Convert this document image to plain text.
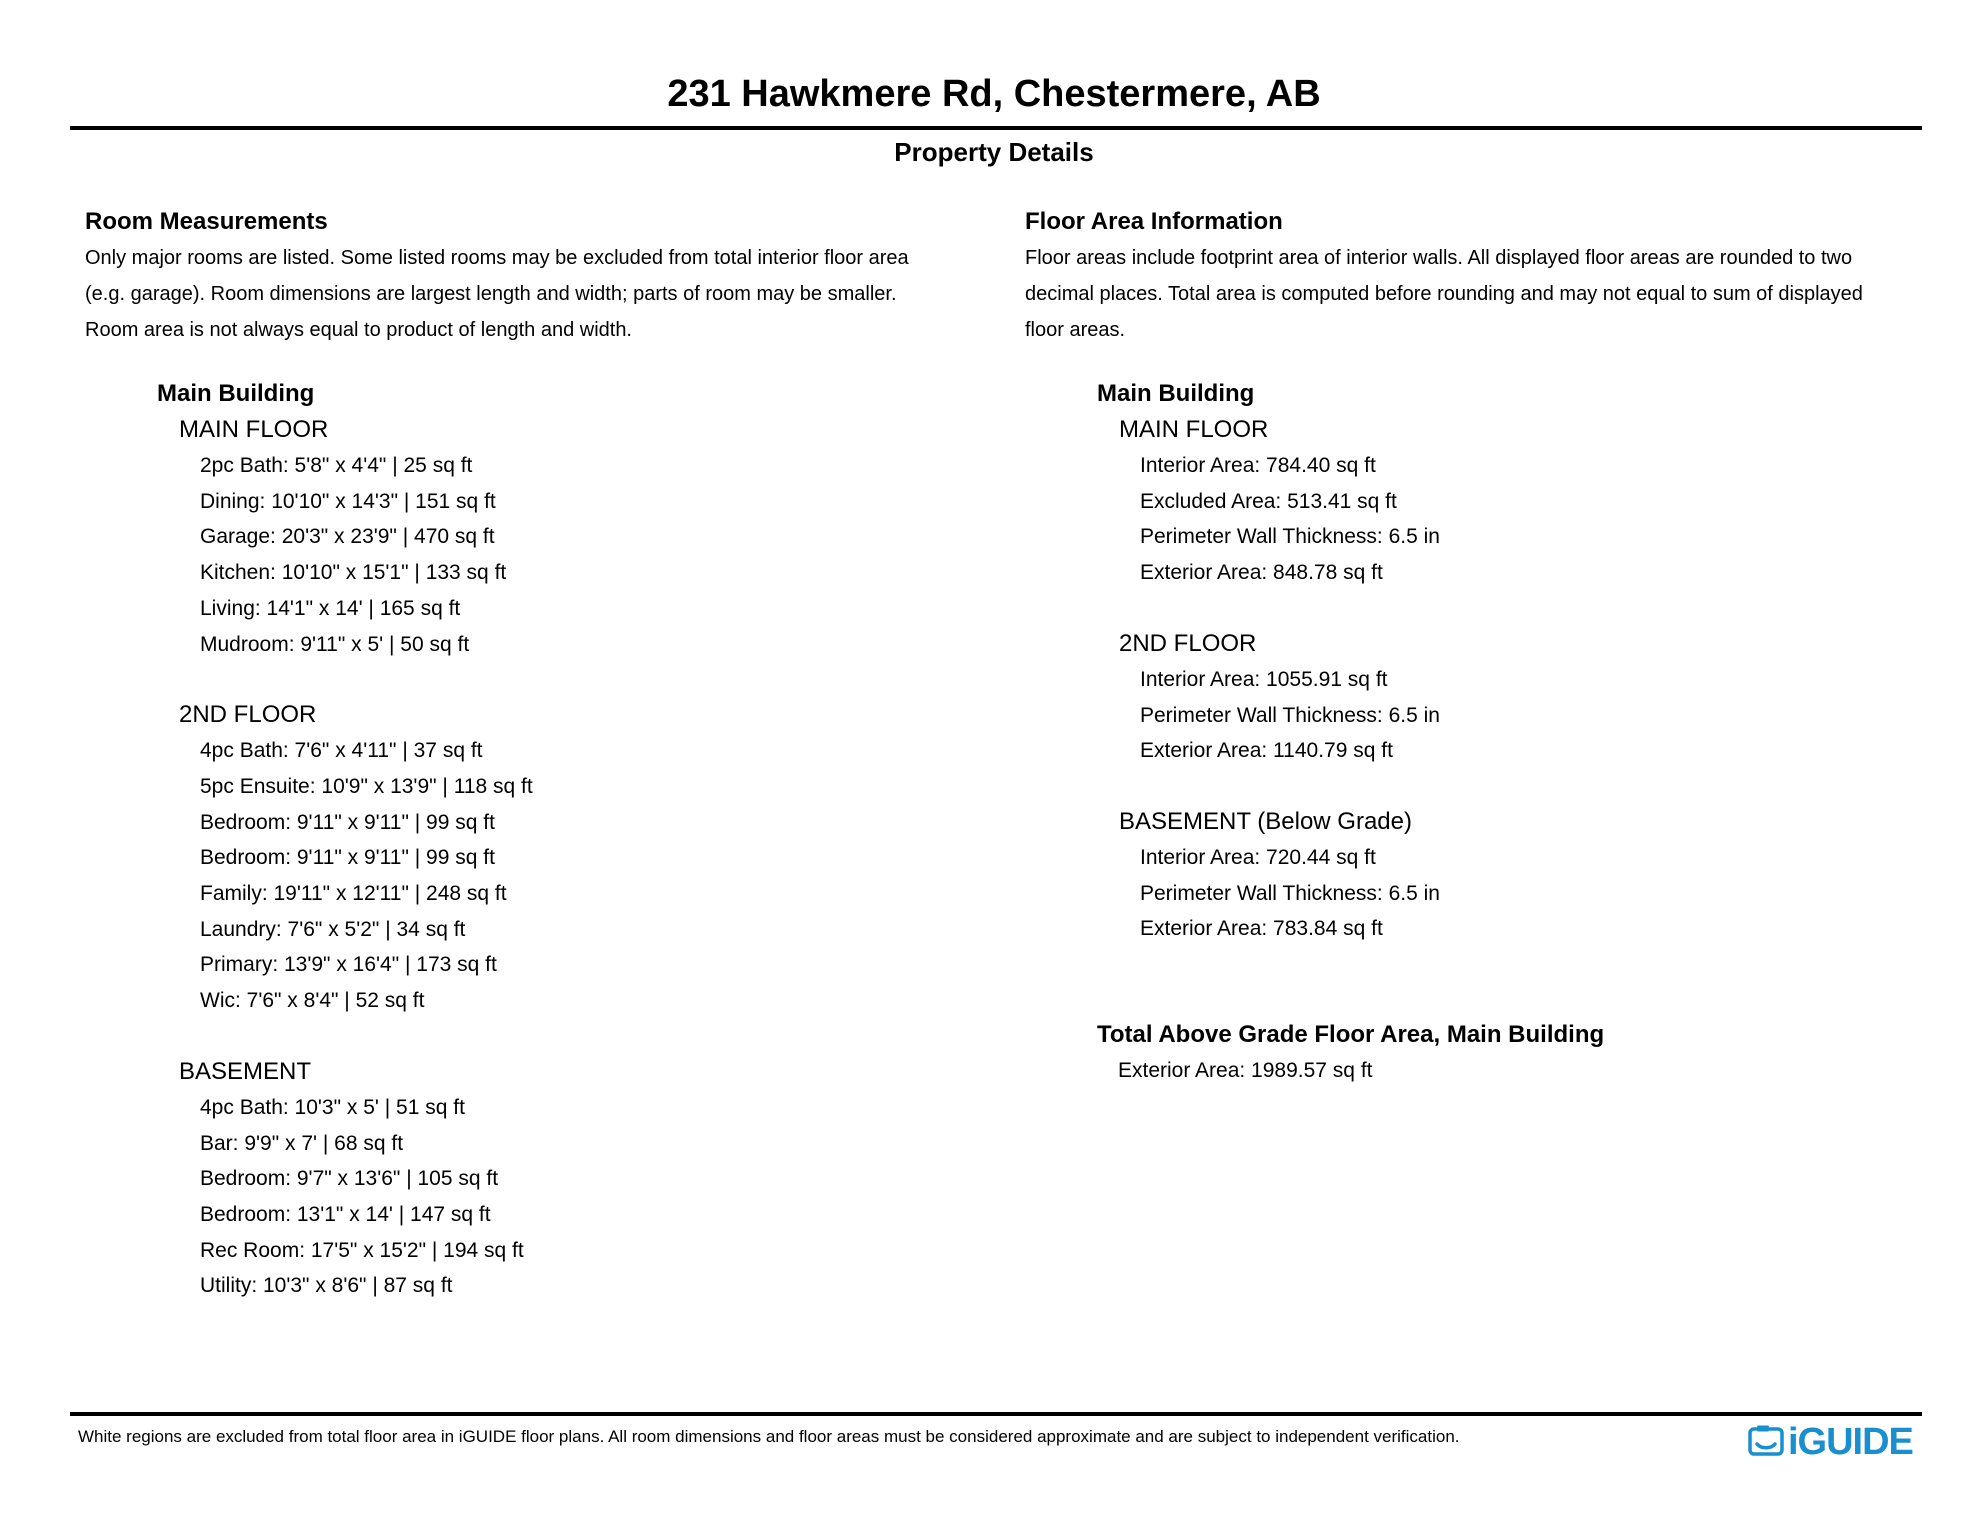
231 Hawkmere Rd, Chestermere, AB
Property Details
Room Measurements
Only major rooms are listed. Some listed rooms may be excluded from total interior floor area
(e.g. garage). Room dimensions are largest length and width; parts of room may be smaller.
Room area is not always equal to product of length and width.
Main Building
MAIN FLOOR
2pc Bath: 5'8" x 4'4" | 25 sq ft
Dining: 10'10" x 14'3" | 151 sq ft
Garage: 20'3" x 23'9" | 470 sq ft
Kitchen: 10'10" x 15'1" | 133 sq ft
Living: 14'1" x 14' | 165 sq ft
Mudroom: 9'11" x 5' | 50 sq ft
2ND FLOOR
4pc Bath: 7'6" x 4'11" | 37 sq ft
5pc Ensuite: 10'9" x 13'9" | 118 sq ft
Bedroom: 9'11" x 9'11" | 99 sq ft
Bedroom: 9'11" x 9'11" | 99 sq ft
Family: 19'11" x 12'11" | 248 sq ft
Laundry: 7'6" x 5'2" | 34 sq ft
Primary: 13'9" x 16'4" | 173 sq ft
Wic: 7'6" x 8'4" | 52 sq ft
BASEMENT
4pc Bath: 10'3" x 5' | 51 sq ft
Bar: 9'9" x 7' | 68 sq ft
Bedroom: 9'7" x 13'6" | 105 sq ft
Bedroom: 13'1" x 14' | 147 sq ft
Rec Room: 17'5" x 15'2" | 194 sq ft
Utility: 10'3" x 8'6" | 87 sq ft
Floor Area Information
Floor areas include footprint area of interior walls. All displayed floor areas are rounded to two
decimal places. Total area is computed before rounding and may not equal to sum of displayed
floor areas.
Main Building
MAIN FLOOR
Interior Area: 784.40 sq ft
Excluded Area: 513.41 sq ft
Perimeter Wall Thickness: 6.5 in
Exterior Area: 848.78 sq ft
2ND FLOOR
Interior Area: 1055.91 sq ft
Perimeter Wall Thickness: 6.5 in
Exterior Area: 1140.79 sq ft
BASEMENT (Below Grade)
Interior Area: 720.44 sq ft
Perimeter Wall Thickness: 6.5 in
Exterior Area: 783.84 sq ft
Total Above Grade Floor Area, Main Building
Exterior Area: 1989.57 sq ft
White regions are excluded from total floor area in iGUIDE floor plans. All room dimensions and floor areas must be considered approximate and are subject to independent verification.	iGUIDE
